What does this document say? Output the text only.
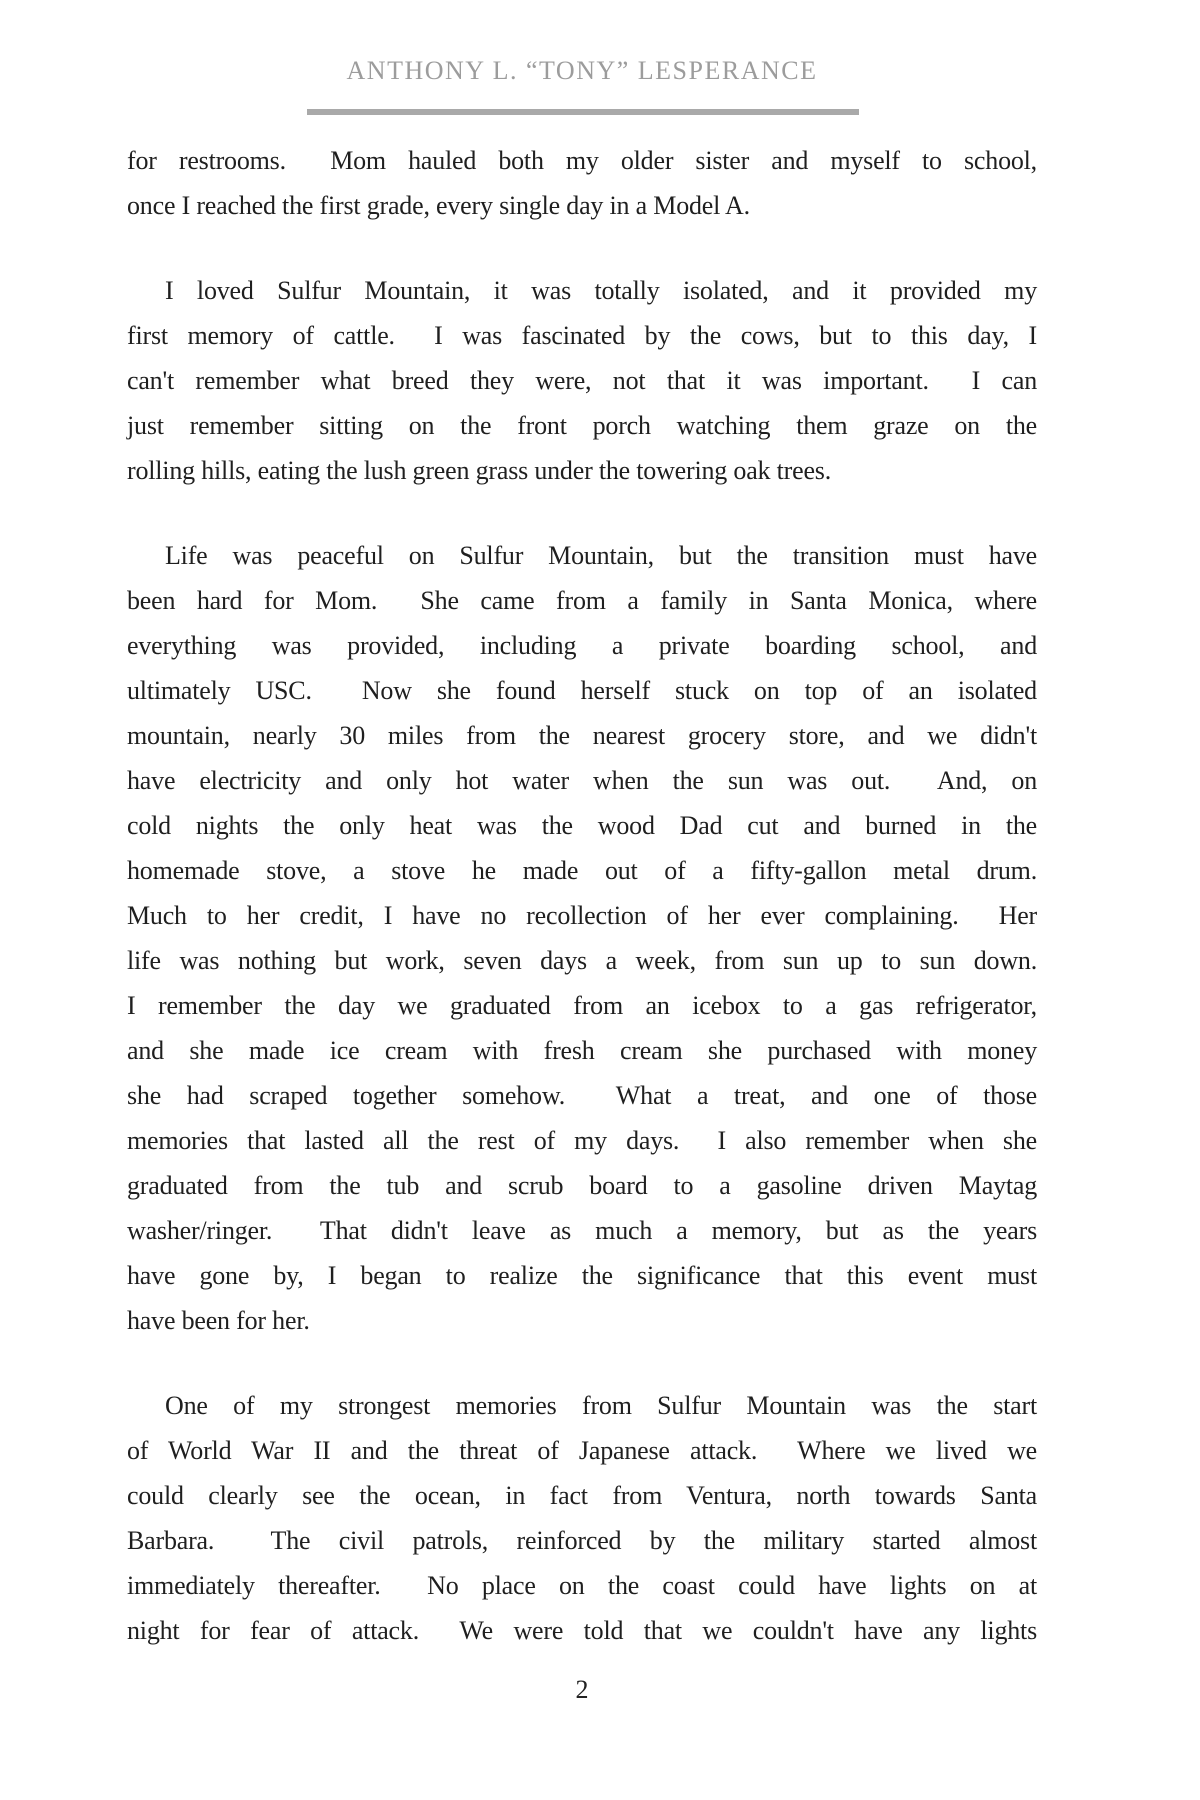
ANTHONY L. “TONY” LESPERANCE
for restrooms.  Mom hauled both my older sister and myself to school,
once I reached the first grade, every single day in a Model A.
I loved Sulfur Mountain, it was totally isolated, and it provided my
first memory of cattle.  I was fascinated by the cows, but to this day, I
can't remember what breed they were, not that it was important.  I can
just remember sitting on the front porch watching them graze on the
rolling hills, eating the lush green grass under the towering oak trees.
Life was peaceful on Sulfur Mountain, but the transition must have
been hard for Mom.  She came from a family in Santa Monica, where
everything was provided, including a private boarding school, and
ultimately USC.  Now she found herself stuck on top of an isolated
mountain, nearly 30 miles from the nearest grocery store, and we didn't
have electricity and only hot water when the sun was out.  And, on
cold nights the only heat was the wood Dad cut and burned in the
homemade stove, a stove he made out of a fifty-gallon metal drum.
Much to her credit, I have no recollection of her ever complaining.  Her
life was nothing but work, seven days a week, from sun up to sun down.
I remember the day we graduated from an icebox to a gas refrigerator,
and she made ice cream with fresh cream she purchased with money
she had scraped together somehow.  What a treat, and one of those
memories that lasted all the rest of my days.  I also remember when she
graduated from the tub and scrub board to a gasoline driven Maytag
washer/ringer.  That didn't leave as much a memory, but as the years
have gone by, I began to realize the significance that this event must
have been for her.
One of my strongest memories from Sulfur Mountain was the start
of World War II and the threat of Japanese attack.  Where we lived we
could clearly see the ocean, in fact from Ventura, north towards Santa
Barbara.  The civil patrols, reinforced by the military started almost
immediately thereafter.  No place on the coast could have lights on at
night for fear of attack.  We were told that we couldn't have any lights
2
